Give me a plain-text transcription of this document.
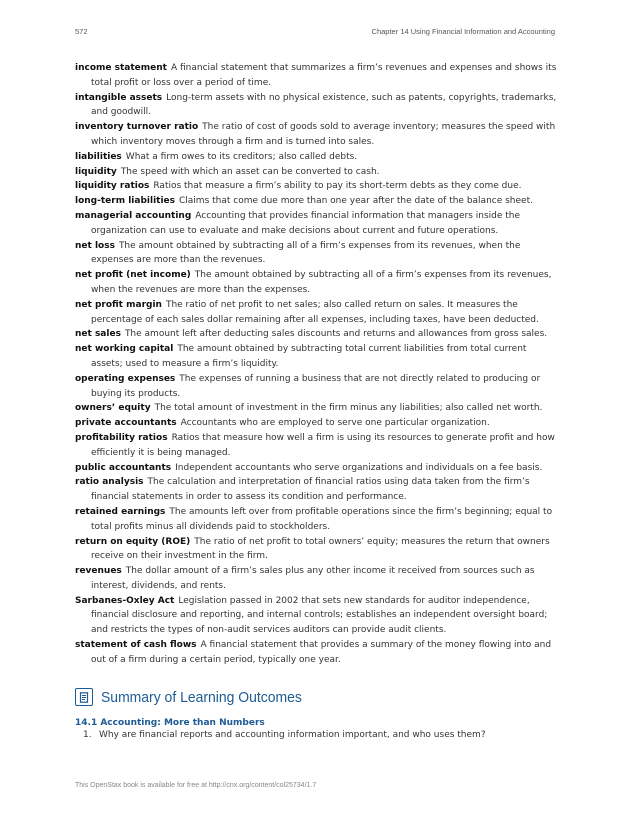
572	Chapter 14 Using Financial Information and Accounting

income statement A financial statement that summarizes a firm’s revenues and expenses and shows its total profit or loss over a period of time.

intangible assets Long-term assets with no physical existence, such as patents, copyrights, trademarks, and goodwill.

inventory turnover ratio The ratio of cost of goods sold to average inventory; measures the speed with which inventory moves through a firm and is turned into sales.

liabilities What a firm owes to its creditors; also called debts.

liquidity The speed with which an asset can be converted to cash.

liquidity ratios Ratios that measure a firm’s ability to pay its short-term debts as they come due.

long-term liabilities Claims that come due more than one year after the date of the balance sheet.

managerial accounting Accounting that provides financial information that managers inside the organization can use to evaluate and make decisions about current and future operations.

net loss The amount obtained by subtracting all of a firm’s expenses from its revenues, when the expenses are more than the revenues.

net profit (net income) The amount obtained by subtracting all of a firm’s expenses from its revenues, when the revenues are more than the expenses.

net profit margin The ratio of net profit to net sales; also called return on sales. It measures the percentage of each sales dollar remaining after all expenses, including taxes, have been deducted.

net sales The amount left after deducting sales discounts and returns and allowances from gross sales.

net working capital The amount obtained by subtracting total current liabilities from total current assets; used to measure a firm’s liquidity.

operating expenses The expenses of running a business that are not directly related to producing or buying its products.

owners’ equity The total amount of investment in the firm minus any liabilities; also called net worth.

private accountants Accountants who are employed to serve one particular organization.

profitability ratios Ratios that measure how well a firm is using its resources to generate profit and how efficiently it is being managed.

public accountants Independent accountants who serve organizations and individuals on a fee basis.

ratio analysis The calculation and interpretation of financial ratios using data taken from the firm’s financial statements in order to assess its condition and performance.

retained earnings The amounts left over from profitable operations since the firm’s beginning; equal to total profits minus all dividends paid to stockholders.

return on equity (ROE) The ratio of net profit to total owners’ equity; measures the return that owners receive on their investment in the firm.

revenues The dollar amount of a firm’s sales plus any other income it received from sources such as interest, dividends, and rents.

Sarbanes-Oxley Act Legislation passed in 2002 that sets new standards for auditor independence, financial disclosure and reporting, and internal controls; establishes an independent oversight board; and restricts the types of non-audit services auditors can provide audit clients.

statement of cash flows A financial statement that provides a summary of the money flowing into and out of a firm during a certain period, typically one year.

Summary of Learning Outcomes
14.1 Accounting: More than Numbers
1. Why are financial reports and accounting information important, and who uses them?
This OpenStax book is available for free at http://cnx.org/content/col25734/1.7
